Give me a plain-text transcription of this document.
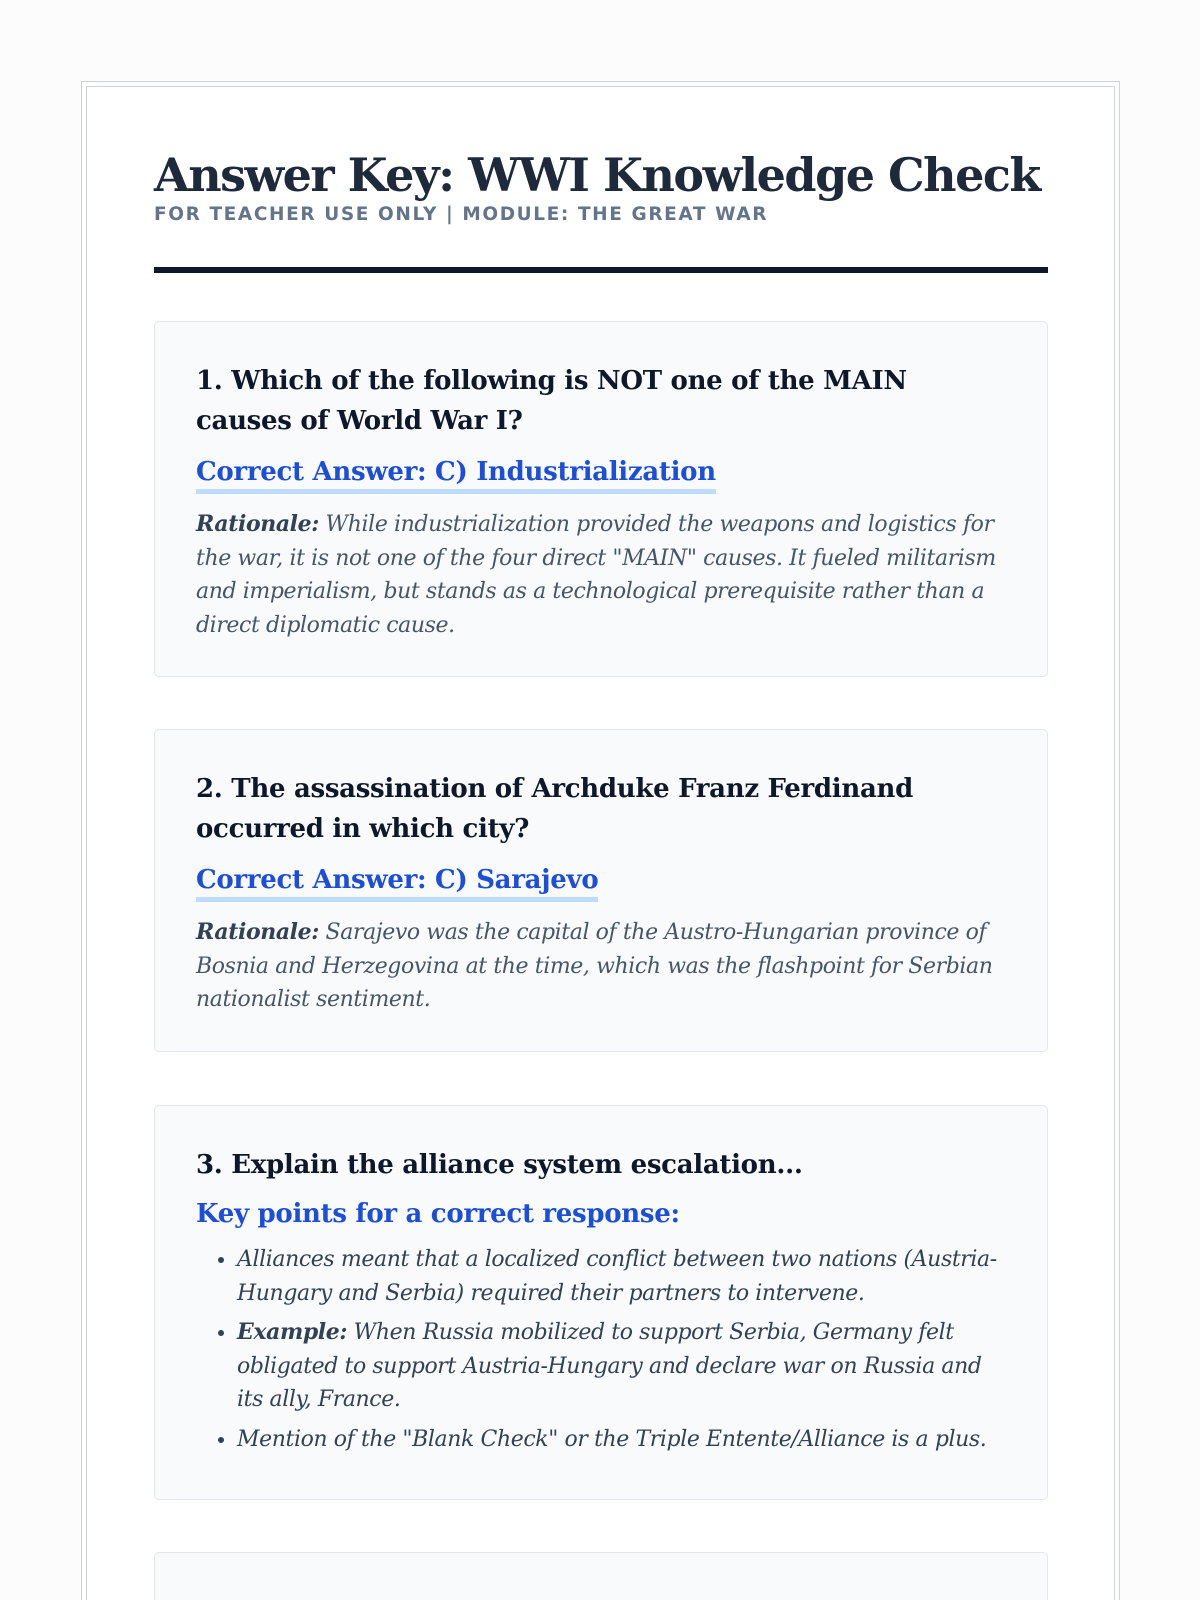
Answer Key: WWI Knowledge Check
FOR TEACHER USE ONLY | MODULE: THE GREAT WAR

1. Which of the following is NOT one of the MAIN causes of World War I?

Correct Answer: C) Industrialization
Rationale: While industrialization provided the weapons and logistics for the war, it is not one of the four direct "MAIN" causes. It fueled militarism and imperialism, but stands as a technological prerequisite rather than a direct diplomatic cause.

2. The assassination of Archduke Franz Ferdinand occurred in which city?

Correct Answer: C) Sarajevo
Rationale: Sarajevo was the capital of the Austro-Hungarian province of Bosnia and Herzegovina at the time, which was the flashpoint for Serbian nationalist sentiment.

3. Explain the alliance system escalation...

Key points for a correct response:
• Alliances meant that a localized conflict between two nations (Austria-Hungary and Serbia) required their partners to intervene.
• Example: When Russia mobilized to support Serbia, Germany felt obligated to support Austria-Hungary and declare war on Russia and its ally, France.
• Mention of the "Blank Check" or the Triple Entente/Alliance is a plus.
